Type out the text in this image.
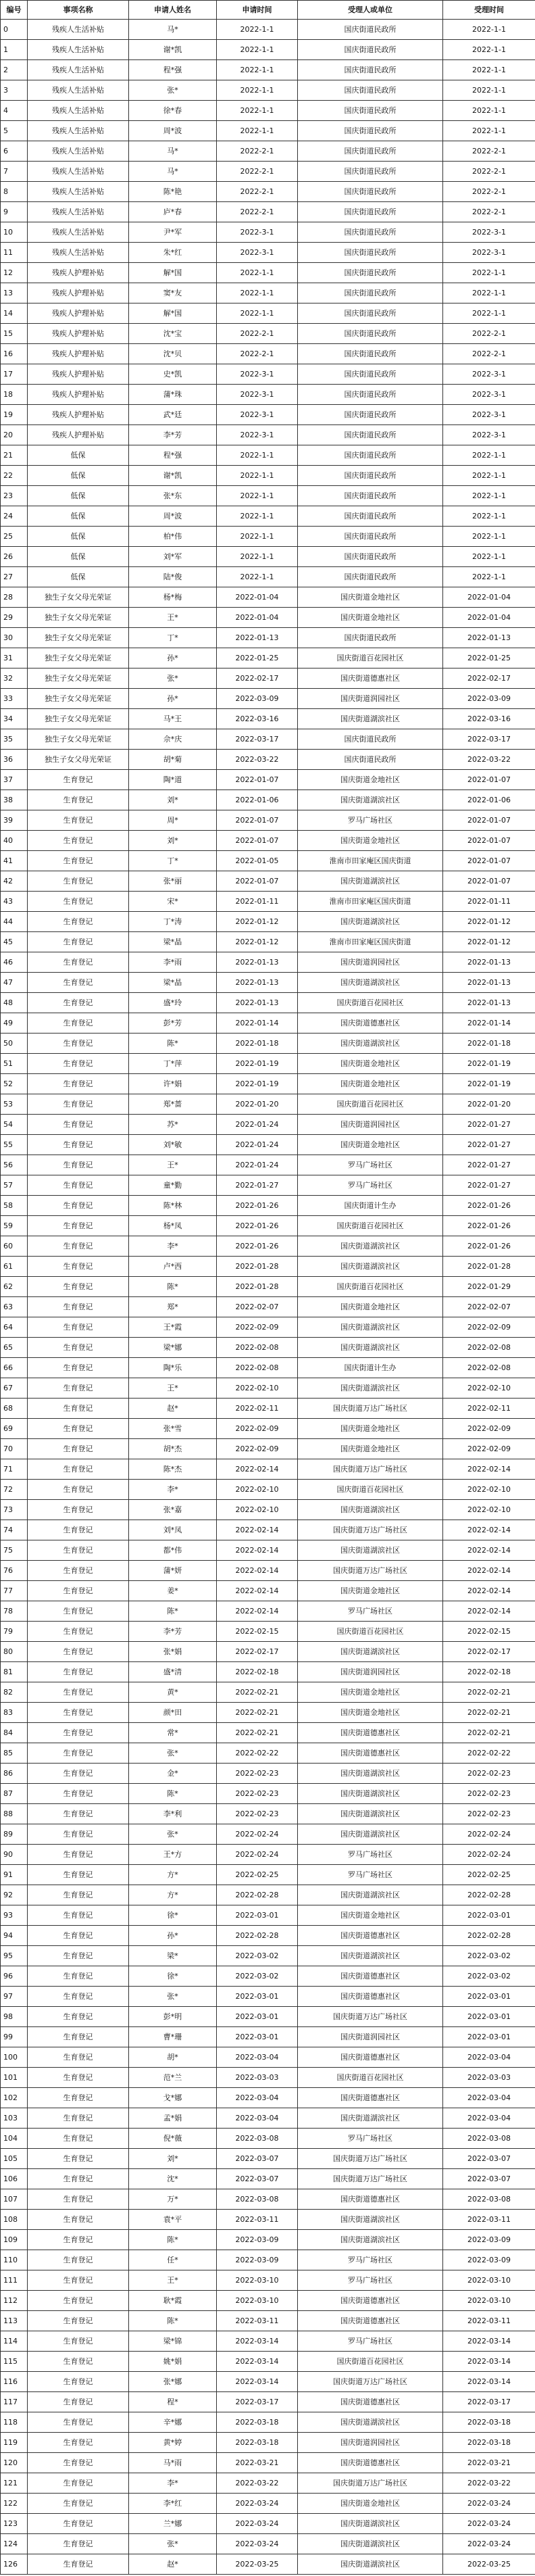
编号	事项名称	申请人姓名	申请时间	受理人或单位	受理时间
0	残疾人生活补贴	马*	2022-1-1	国庆街道民政所	2022-1-1
1	残疾人生活补贴	谢*凯	2022-1-1	国庆街道民政所	2022-1-1
2	残疾人生活补贴	程*强	2022-1-1	国庆街道民政所	2022-1-1
3	残疾人生活补贴	张*	2022-1-1	国庆街道民政所	2022-1-1
4	残疾人生活补贴	徐*春	2022-1-1	国庆街道民政所	2022-1-1
5	残疾人生活补贴	周*波	2022-1-1	国庆街道民政所	2022-1-1
6	残疾人生活补贴	马*	2022-2-1	国庆街道民政所	2022-2-1
7	残疾人生活补贴	马*	2022-2-1	国庆街道民政所	2022-2-1
8	残疾人生活补贴	陈*艳	2022-2-1	国庆街道民政所	2022-2-1
9	残疾人生活补贴	庐*春	2022-2-1	国庆街道民政所	2022-2-1
10	残疾人生活补贴	尹*军	2022-3-1	国庆街道民政所	2022-3-1
11	残疾人生活补贴	朱*红	2022-3-1	国庆街道民政所	2022-3-1
12	残疾人护理补贴	解*国	2022-1-1	国庆街道民政所	2022-1-1
13	残疾人护理补贴	窦*友	2022-1-1	国庆街道民政所	2022-1-1
14	残疾人护理补贴	解*国	2022-1-1	国庆街道民政所	2022-1-1
15	残疾人护理补贴	沈*宝	2022-2-1	国庆街道民政所	2022-2-1
16	残疾人护理补贴	沈*贝	2022-2-1	国庆街道民政所	2022-2-1
17	残疾人护理补贴	史*凯	2022-3-1	国庆街道民政所	2022-3-1
18	残疾人护理补贴	蒲*珠	2022-3-1	国庆街道民政所	2022-3-1
19	残疾人护理补贴	武*廷	2022-3-1	国庆街道民政所	2022-3-1
20	残疾人护理补贴	李*芳	2022-3-1	国庆街道民政所	2022-3-1
21	低保	程*强	2022-1-1	国庆街道民政所	2022-1-1
22	低保	谢*凯	2022-1-1	国庆街道民政所	2022-1-1
23	低保	张*东	2022-1-1	国庆街道民政所	2022-1-1
24	低保	周*波	2022-1-1	国庆街道民政所	2022-1-1
25	低保	柏*伟	2022-1-1	国庆街道民政所	2022-1-1
26	低保	刘*军	2022-1-1	国庆街道民政所	2022-1-1
27	低保	陆*俊	2022-1-1	国庆街道民政所	2022-1-1
28	独生子女父母光荣证	杨*梅	2022-01-04	国庆街道金地社区	2022-01-04
29	独生子女父母光荣证	王*	2022-01-04	国庆街道金地社区	2022-01-04
30	独生子女父母光荣证	丁*	2022-01-13	国庆街道民政所	2022-01-13
31	独生子女父母光荣证	孙*	2022-01-25	国庆街道百花园社区	2022-01-25
32	独生子女父母光荣证	张*	2022-02-17	国庆街道德惠社区	2022-02-17
33	独生子女父母光荣证	孙*	2022-03-09	国庆街道润园社区	2022-03-09
34	独生子女父母光荣证	马*王	2022-03-16	国庆街道湖滨社区	2022-03-16
35	独生子女父母光荣证	佘*庆	2022-03-17	国庆街道民政所	2022-03-17
36	独生子女父母光荣证	胡*菊	2022-03-22	国庆街道民政所	2022-03-22
37	生育登记	陶*道	2022-01-07	国庆街道金地社区	2022-01-07
38	生育登记	刘*	2022-01-06	国庆街道湖滨社区	2022-01-06
39	生育登记	周*	2022-01-07	罗马广场社区	2022-01-07
40	生育登记	刘*	2022-01-07	国庆街道金地社区	2022-01-07
41	生育登记	丁*	2022-01-05	淮南市田家庵区国庆街道	2022-01-07
42	生育登记	张*丽	2022-01-07	国庆街道湖滨社区	2022-01-07
43	生育登记	宋*	2022-01-11	淮南市田家庵区国庆街道	2022-01-11
44	生育登记	丁*涛	2022-01-12	国庆街道湖滨社区	2022-01-12
45	生育登记	梁*晶	2022-01-12	淮南市田家庵区国庆街道	2022-01-12
46	生育登记	李*雨	2022-01-13	国庆街道润园社区	2022-01-13
47	生育登记	梁*晶	2022-01-13	国庆街道湖滨社区	2022-01-13
48	生育登记	盛*玲	2022-01-13	国庆街道百花园社区	2022-01-13
49	生育登记	彭*芳	2022-01-14	国庆街道德惠社区	2022-01-14
50	生育登记	陈*	2022-01-18	国庆街道湖滨社区	2022-01-18
51	生育登记	丁*萍	2022-01-19	国庆街道金地社区	2022-01-19
52	生育登记	许*娟	2022-01-19	国庆街道金地社区	2022-01-19
53	生育登记	郑*蔷	2022-01-20	国庆街道百花园社区	2022-01-20
54	生育登记	苏*	2022-01-24	国庆街道润园社区	2022-01-27
55	生育登记	刘*敏	2022-01-24	国庆街道金地社区	2022-01-27
56	生育登记	王*	2022-01-24	罗马广场社区	2022-01-27
57	生育登记	童*勤	2022-01-27	罗马广场社区	2022-01-27
58	生育登记	陈*林	2022-01-26	国庆街道计生办	2022-01-26
59	生育登记	杨*凤	2022-01-26	国庆街道百花园社区	2022-01-26
60	生育登记	李*	2022-01-26	国庆街道湖滨社区	2022-01-26
61	生育登记	卢*西	2022-01-28	国庆街道湖滨社区	2022-01-28
62	生育登记	陈*	2022-01-28	国庆街道百花园社区	2022-01-29
63	生育登记	郑*	2022-02-07	国庆街道金地社区	2022-02-07
64	生育登记	王*霞	2022-02-09	国庆街道湖滨社区	2022-02-09
65	生育登记	梁*娜	2022-02-08	国庆街道湖滨社区	2022-02-08
66	生育登记	陶*乐	2022-02-08	国庆街道计生办	2022-02-08
67	生育登记	王*	2022-02-10	国庆街道湖滨社区	2022-02-10
68	生育登记	赵*	2022-02-11	国庆街道万达广场社区	2022-02-11
69	生育登记	张*雪	2022-02-09	国庆街道金地社区	2022-02-09
70	生育登记	胡*杰	2022-02-09	国庆街道金地社区	2022-02-09
71	生育登记	陈*杰	2022-02-14	国庆街道万达广场社区	2022-02-14
72	生育登记	李*	2022-02-10	国庆街道百花园社区	2022-02-10
73	生育登记	张*嘉	2022-02-10	国庆街道湖滨社区	2022-02-10
74	生育登记	刘*凤	2022-02-14	国庆街道万达广场社区	2022-02-14
75	生育登记	都*伟	2022-02-14	国庆街道湖滨社区	2022-02-14
76	生育登记	蒲*妍	2022-02-14	国庆街道万达广场社区	2022-02-14
77	生育登记	姜*	2022-02-14	国庆街道金地社区	2022-02-14
78	生育登记	陈*	2022-02-14	罗马广场社区	2022-02-14
79	生育登记	李*芳	2022-02-15	国庆街道百花园社区	2022-02-15
80	生育登记	张*娟	2022-02-17	国庆街道湖滨社区	2022-02-17
81	生育登记	盛*清	2022-02-18	国庆街道润园社区	2022-02-18
82	生育登记	黄*	2022-02-21	国庆街道金地社区	2022-02-21
83	生育登记	颜*田	2022-02-21	国庆街道金地社区	2022-02-21
84	生育登记	常*	2022-02-21	国庆街道德惠社区	2022-02-21
85	生育登记	张*	2022-02-22	国庆街道德惠社区	2022-02-22
86	生育登记	金*	2022-02-23	国庆街道湖滨社区	2022-02-23
87	生育登记	陈*	2022-02-23	国庆街道湖滨社区	2022-02-23
88	生育登记	李*利	2022-02-23	国庆街道湖滨社区	2022-02-23
89	生育登记	张*	2022-02-24	国庆街道湖滨社区	2022-02-24
90	生育登记	王*方	2022-02-24	罗马广场社区	2022-02-24
91	生育登记	方*	2022-02-25	罗马广场社区	2022-02-25
92	生育登记	方*	2022-02-28	国庆街道湖滨社区	2022-02-28
93	生育登记	徐*	2022-03-01	国庆街道金地社区	2022-03-01
94	生育登记	孙*	2022-02-28	国庆街道德惠社区	2022-02-28
95	生育登记	梁*	2022-03-02	国庆街道湖滨社区	2022-03-02
96	生育登记	徐*	2022-03-02	国庆街道德惠社区	2022-03-02
97	生育登记	张*	2022-03-01	国庆街道德惠社区	2022-03-01
98	生育登记	彭*明	2022-03-01	国庆街道万达广场社区	2022-03-01
99	生育登记	曹*珊	2022-03-01	国庆街道润园社区	2022-03-01
100	生育登记	胡*	2022-03-04	国庆街道德惠社区	2022-03-04
101	生育登记	范*兰	2022-03-03	国庆街道百花园社区	2022-03-03
102	生育登记	戈*娜	2022-03-04	国庆街道德惠社区	2022-03-04
103	生育登记	孟*娟	2022-03-04	国庆街道湖滨社区	2022-03-04
104	生育登记	倪*薇	2022-03-08	罗马广场社区	2022-03-08
105	生育登记	刘*	2022-03-07	国庆街道万达广场社区	2022-03-07
106	生育登记	沈*	2022-03-07	国庆街道万达广场社区	2022-03-07
107	生育登记	万*	2022-03-08	国庆街道德惠社区	2022-03-08
108	生育登记	袁*平	2022-03-11	国庆街道湖滨社区	2022-03-11
109	生育登记	陈*	2022-03-09	国庆街道湖滨社区	2022-03-09
110	生育登记	任*	2022-03-09	罗马广场社区	2022-03-09
111	生育登记	王*	2022-03-10	罗马广场社区	2022-03-10
112	生育登记	耿*霞	2022-03-10	国庆街道德惠社区	2022-03-10
113	生育登记	陈*	2022-03-11	国庆街道德惠社区	2022-03-11
114	生育登记	梁*锦	2022-03-14	罗马广场社区	2022-03-14
115	生育登记	姚*娟	2022-03-14	国庆街道百花园社区	2022-03-14
116	生育登记	张*娜	2022-03-14	国庆街道万达广场社区	2022-03-14
117	生育登记	程*	2022-03-17	国庆街道德惠社区	2022-03-17
118	生育登记	辛*娜	2022-03-18	国庆街道湖滨社区	2022-03-18
119	生育登记	黄*婷	2022-03-18	国庆街道润园社区	2022-03-18
120	生育登记	马*雨	2022-03-21	国庆街道德惠社区	2022-03-21
121	生育登记	李*	2022-03-22	国庆街道万达广场社区	2022-03-22
122	生育登记	李*红	2022-03-24	国庆街道金地社区	2022-03-24
123	生育登记	兰*娜	2022-03-24	国庆街道湖滨社区	2022-03-24
124	生育登记	张*	2022-03-24	国庆街道湖滨社区	2022-03-24
126	生育登记	赵*	2022-03-25	国庆街道湖滨社区	2022-03-25
